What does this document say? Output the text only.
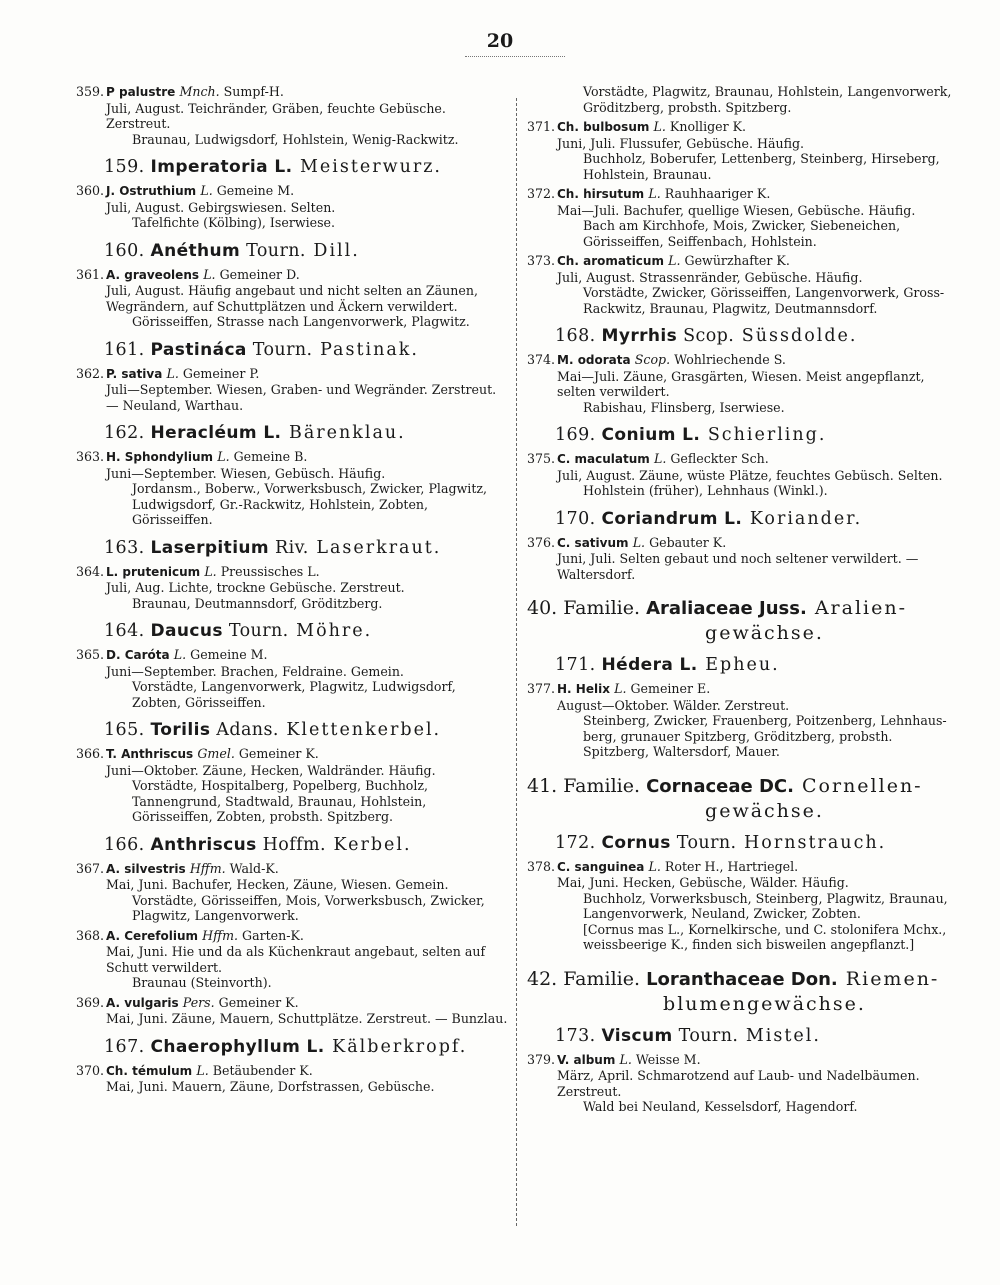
20
359. P palustre Mnch. Sumpf-H.
Juli, August. Teichränder, Gräben, feuchte Gebüsche. Zerstreut.
Braunau, Ludwigsdorf, Hohlstein, Wenig-Rackwitz.
159. Imperatoria L. Meisterwurz.
360. J. Ostruthium L. Gemeine M.
Juli, August. Gebirgswiesen. Selten.
Tafelfichte (Kölbing), Iserwiese.
160. Anéthum Tourn. Dill.
361. A. graveolens L. Gemeiner D.
Juli, August. Häufig angebaut und nicht selten an Zäunen, Wegrändern, auf Schuttplätzen und Äckern verwildert.
Görisseiffen, Strasse nach Langenvorwerk, Plagwitz.
161. Pastináca Tourn. Pastinak.
362. P. sativa L. Gemeiner P.
Juli—September. Wiesen, Graben- und Wegränder. Zerstreut. — Neuland, Warthau.
162. Heracléum L. Bärenklau.
363. H. Sphondylium L. Gemeine B.
Juni—September. Wiesen, Gebüsch. Häufig.
Jordansm., Boberw., Vorwerksbusch, Zwicker, Plagwitz, Ludwigsdorf, Gr.-Rackwitz, Hohlstein, Zobten, Görisseiffen.
163. Laserpitium Riv. Laserkraut.
364. L. prutenicum L. Preussisches L.
Juli, Aug. Lichte, trockne Gebüsche. Zerstreut.
Braunau, Deutmannsdorf, Gröditzberg.
164. Daucus Tourn. Möhre.
365. D. Caróta L. Gemeine M.
Juni—September. Brachen, Feldraine. Gemein.
Vorstädte, Langenvorwerk, Plagwitz, Ludwigsdorf, Zobten, Görisseiffen.
165. Torilis Adans. Klettenkerbel.
366. T. Anthriscus Gmel. Gemeiner K.
Juni—Oktober. Zäune, Hecken, Waldränder. Häufig.
Vorstädte, Hospitalberg, Popelberg, Buchholz, Tannengrund, Stadtwald, Braunau, Hohlstein, Görisseiffen, Zobten, probsth. Spitzberg.
166. Anthriscus Hoffm. Kerbel.
367. A. silvestris Hffm. Wald-K.
Mai, Juni. Bachufer, Hecken, Zäune, Wiesen. Gemein.
Vorstädte, Görisseiffen, Mois, Vorwerksbusch, Zwicker, Plagwitz, Langenvorwerk.
368. A. Cerefolium Hffm. Garten-K.
Mai, Juni. Hie und da als Küchenkraut angebaut, selten auf Schutt verwildert.
Braunau (Steinvorth).
369. A. vulgaris Pers. Gemeiner K.
Mai, Juni. Zäune, Mauern, Schuttplätze. Zerstreut. — Bunzlau.
167. Chaerophyllum L. Kälberkropf.
370. Ch. témulum L. Betäubender K.
Mai, Juni. Mauern, Zäune, Dorfstrassen, Gebüsche.
Vorstädte, Plagwitz, Braunau, Hohlstein, Langenvorwerk, Gröditzberg, probsth. Spitzberg.
371. Ch. bulbosum L. Knolliger K.
Juni, Juli. Flussufer, Gebüsche. Häufig.
Buchholz, Boberufer, Lettenberg, Steinberg, Hirseberg, Hohlstein, Braunau.
372. Ch. hirsutum L. Rauhhaariger K.
Mai—Juli. Bachufer, quellige Wiesen, Gebüsche. Häufig.
Bach am Kirchhofe, Mois, Zwicker, Siebeneichen, Görisseiffen, Seiffenbach, Hohlstein.
373. Ch. aromaticum L. Gewürzhafter K.
Juli, August. Strassenränder, Gebüsche. Häufig.
Vorstädte, Zwicker, Görisseiffen, Langenvorwerk, Gross-Rackwitz, Braunau, Plagwitz, Deutmannsdorf.
168. Myrrhis Scop. Süssdolde.
374. M. odorata Scop. Wohlriechende S.
Mai—Juli. Zäune, Grasgärten, Wiesen. Meist angepflanzt, selten verwildert.
Rabishau, Flinsberg, Iserwiese.
169. Conium L. Schierling.
375. C. maculatum L. Gefleckter Sch.
Juli, August. Zäune, wüste Plätze, feuchtes Gebüsch. Selten.
Hohlstein (früher), Lehnhaus (Winkl.).
170. Coriandrum L. Koriander.
376. C. sativum L. Gebauter K.
Juni, Juli. Selten gebaut und noch seltener verwildert. — Waltersdorf.
40. Familie. Araliaceae Juss. Aralien-
gewächse.
171. Hédera L. Epheu.
377. H. Helix L. Gemeiner E.
August—Oktober. Wälder. Zerstreut.
Steinberg, Zwicker, Frauenberg, Poitzenberg, Lehnhaus-berg, grunauer Spitzberg, Gröditzberg, probsth. Spitzberg, Waltersdorf, Mauer.
41. Familie. Cornaceae DC. Cornellen-
gewächse.
172. Cornus Tourn. Hornstrauch.
378. C. sanguinea L. Roter H., Hartriegel.
Mai, Juni. Hecken, Gebüsche, Wälder. Häufig.
Buchholz, Vorwerksbusch, Steinberg, Plagwitz, Braunau, Langenvorwerk, Neuland, Zwicker, Zobten.
[Cornus mas L., Kornelkirsche, und C. stolonifera Mchx., weissbeerige K., finden sich bisweilen angepflanzt.]
42. Familie. Loranthaceae Don. Riemen-
blumengewächse.
173. Viscum Tourn. Mistel.
379. V. album L. Weisse M.
März, April. Schmarotzend auf Laub- und Nadelbäumen. Zerstreut.
Wald bei Neuland, Kesselsdorf, Hagendorf.
